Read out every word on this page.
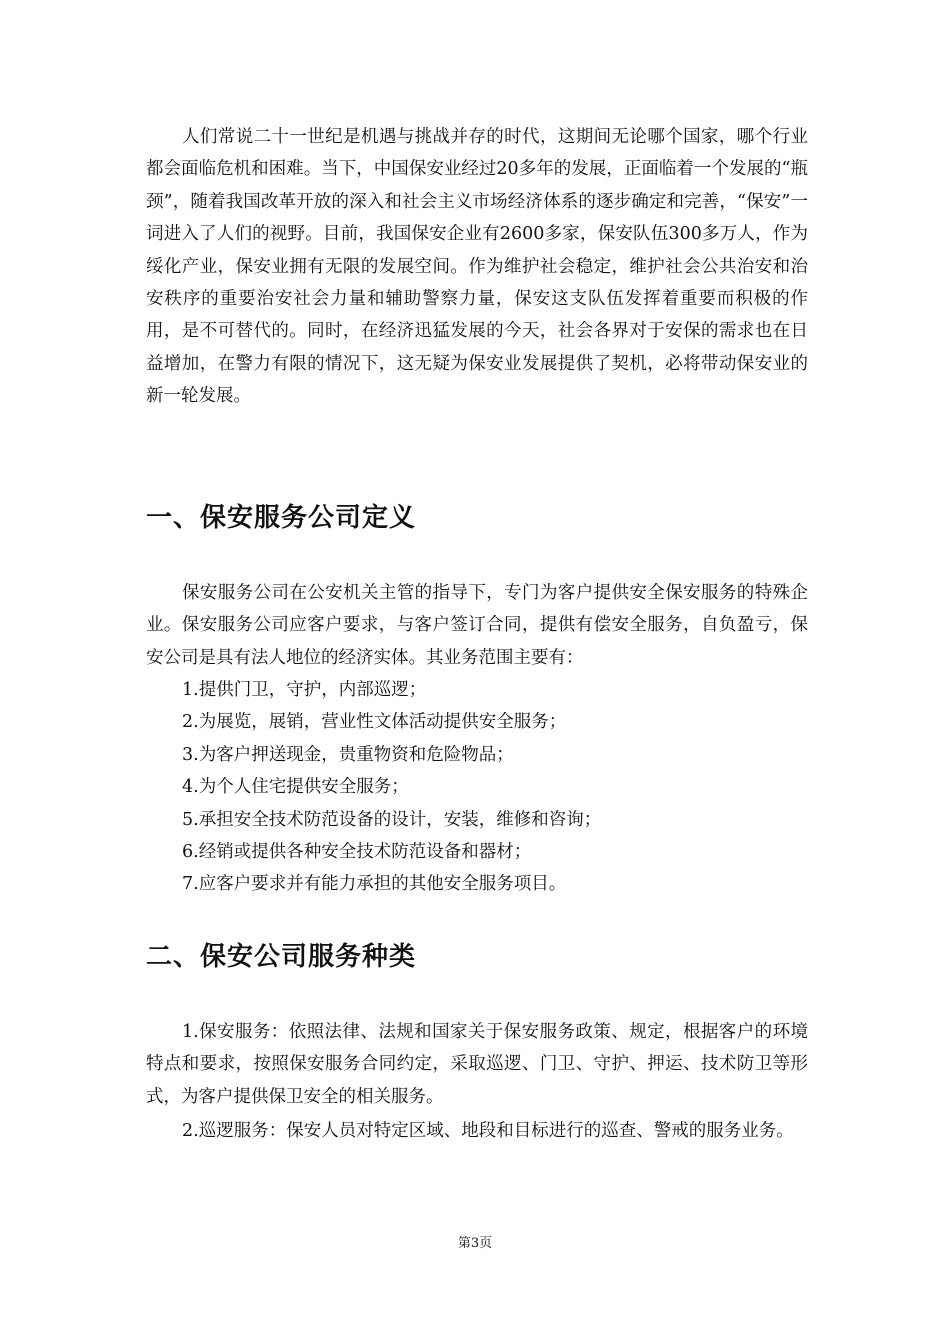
人们常说二十一世纪是机遇与挑战并存的时代，这期间无论哪个国家，哪个行业都会面临危机和困难。当下，中国保安业经过20多年的发展，正面临着一个发展的“瓶颈”，随着我国改革开放的深入和社会主义市场经济体系的逐步确定和完善，“保安”一词进入了人们的视野。目前，我国保安企业有2600多家，保安队伍300多万人，作为绥化产业，保安业拥有无限的发展空间。作为维护社会稳定，维护社会公共治安和治安秩序的重要治安社会力量和辅助警察力量，保安这支队伍发挥着重要而积极的作用，是不可替代的。同时，在经济迅猛发展的今天，社会各界对于安保的需求也在日益增加，在警力有限的情况下，这无疑为保安业发展提供了契机，必将带动保安业的新一轮发展。

一、保安服务公司定义

保安服务公司在公安机关主管的指导下，专门为客户提供安全保安服务的特殊企业。保安服务公司应客户要求，与客户签订合同，提供有偿安全服务，自负盈亏，保安公司是具有法人地位的经济实体。其业务范围主要有：

1.提供门卫，守护，内部巡逻；
2.为展览，展销，营业性文体活动提供安全服务；
3.为客户押送现金，贵重物资和危险物品；
4.为个人住宅提供安全服务；
5.承担安全技术防范设备的设计，安装，维修和咨询；
6.经销或提供各种安全技术防范设备和器材；
7.应客户要求并有能力承担的其他安全服务项目。
二、保安公司服务种类

1.保安服务：依照法律、法规和国家关于保安服务政策、规定，根据客户的环境特点和要求，按照保安服务合同约定，采取巡逻、门卫、守护、押运、技术防卫等形式，为客户提供保卫安全的相关服务。

2.巡逻服务：保安人员对特定区域、地段和目标进行的巡查、警戒的服务业务。

第3页
